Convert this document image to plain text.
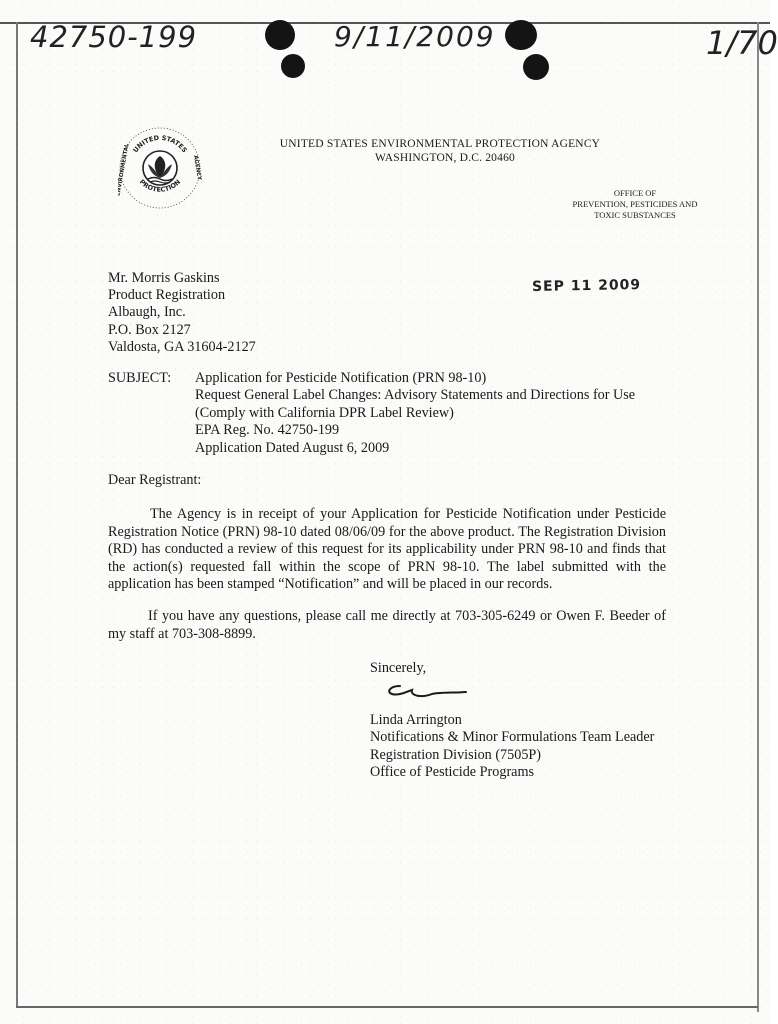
42750-199	9/11/2009	1/70
UNITED STATES
PROTECTION
ENVIRONMENTAL	AGENCY
UNITED STATES ENVIRONMENTAL PROTECTION AGENCY
WASHINGTON, D.C. 20460
OFFICE OF
PREVENTION, PESTICIDES AND
TOXIC SUBSTANCES
Mr. Morris Gaskins
Product Registration
Albaugh, Inc.
P.O. Box 2127
Valdosta, GA 31604-2127
SEP 11 2009
SUBJECT: Application for Pesticide Notification (PRN 98-10)
Request General Label Changes: Advisory Statements and Directions for Use
(Comply with California DPR Label Review)
EPA Reg. No. 42750-199
Application Dated August 6, 2009
Dear Registrant:
The Agency is in receipt of your Application for Pesticide Notification under Pesticide Registration Notice (PRN) 98-10 dated 08/06/09 for the above product. The Registration Division (RD) has conducted a review of this request for its applicability under PRN 98-10 and finds that the action(s) requested fall within the scope of PRN 98-10. The label submitted with the application has been stamped “Notification” and will be placed in our records.
If you have any questions, please call me directly at 703-305-6249 or Owen F. Beeder of my staff at 703-308-8899.
Sincerely,
Linda Arrington
Notifications & Minor Formulations Team Leader
Registration Division (7505P)
Office of Pesticide Programs
